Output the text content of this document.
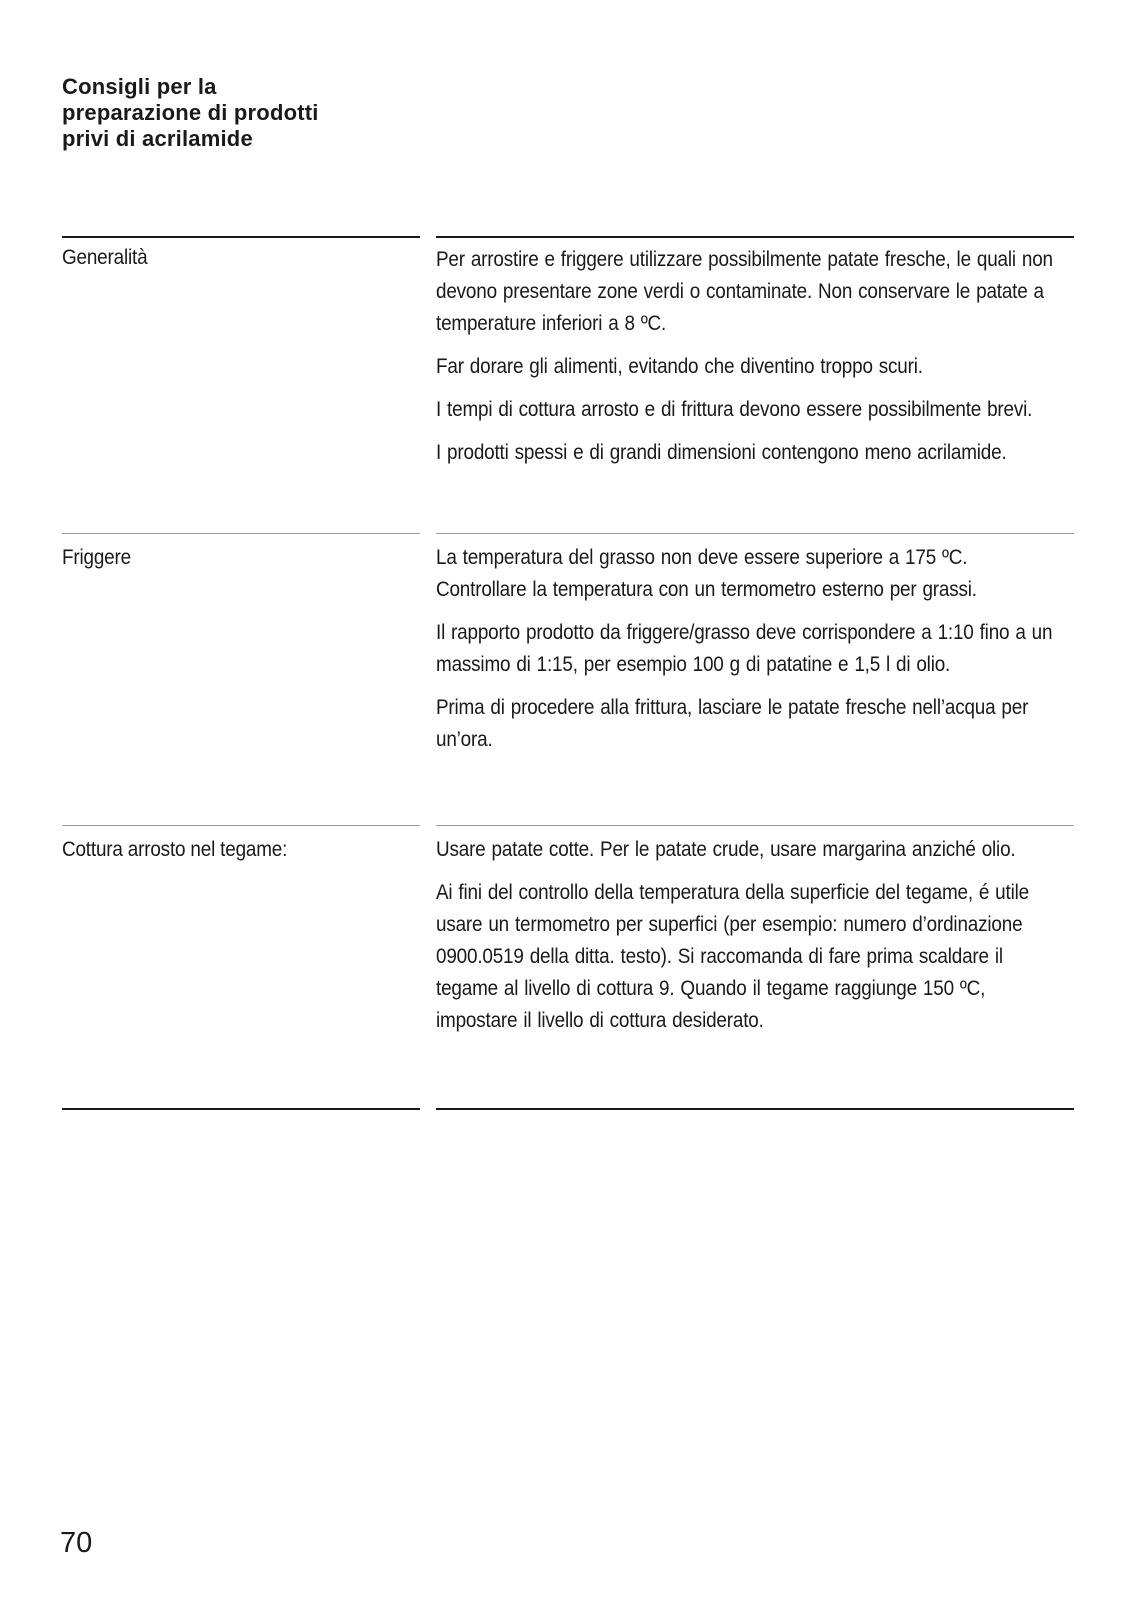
Consigli per la
preparazione di prodotti
privi di acrilamide
Generalità	Per arrostire e friggere utilizzare possibilmente patate fresche, le quali non devono presentare zone verdi o contaminate. Non conservare le patate a temperature inferiori a 8 ºC.

Far dorare gli alimenti, evitando che diventino troppo scuri.

I tempi di cottura arrosto e di frittura devono essere possibilmente brevi.

I prodotti spessi e di grandi dimensioni contengono meno acrilamide.

Friggere	La temperatura del grasso non deve essere superiore a 175 ºC. Controllare la temperatura con un termometro esterno per grassi.

Il rapporto prodotto da friggere/grasso deve corrispondere a 1:10 fino a un massimo di 1:15, per esempio 100 g di patatine e 1,5 l di olio.

Prima di procedere alla frittura, lasciare le patate fresche nell’acqua per un’ora.

Cottura arrosto nel tegame:	Usare patate cotte. Per le patate crude, usare margarina anziché olio.

Ai fini del controllo della temperatura della superficie del tegame, é utile usare un termometro per superfici (per esempio: numero d’ordinazione 0900.0519 della ditta. testo). Si raccomanda di fare prima scaldare il tegame al livello di cottura 9. Quando il tegame raggiunge 150 ºC, impostare il livello di cottura desiderato.

70
